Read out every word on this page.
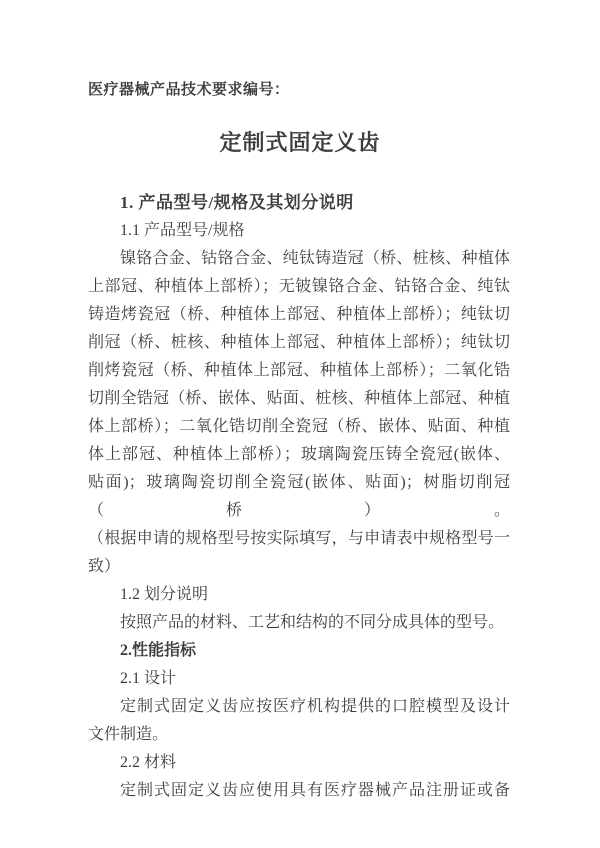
医疗器械产品技术要求编号：
定制式固定义齿
1. 产品型号/规格及其划分说明
1.1 产品型号/规格
镍铬合金、钴铬合金、纯钛铸造冠（桥、桩核、种植体
上部冠、种植体上部桥）；无铍镍铬合金、钴铬合金、纯钛
铸造烤瓷冠（桥、种植体上部冠、种植体上部桥）；纯钛切
削冠（桥、桩核、种植体上部冠、种植体上部桥）；纯钛切
削烤瓷冠（桥、种植体上部冠、种植体上部桥）；二氧化锆
切削全锆冠（桥、嵌体、贴面、桩核、种植体上部冠、种植
体上部桥）；二氧化锆切削全瓷冠（桥、嵌体、贴面、种植
体上部冠、种植体上部桥）；玻璃陶瓷压铸全瓷冠(嵌体、
贴面)；玻璃陶瓷切削全瓷冠(嵌体、贴面)；树脂切削冠（桥）。
（根据申请的规格型号按实际填写，与申请表中规格型号一
致）
1.2 划分说明
按照产品的材料、工艺和结构的不同分成具体的型号。
2.性能指标
2.1 设计
定制式固定义齿应按医疗机构提供的口腔模型及设计
文件制造。
2.2 材料
定制式固定义齿应使用具有医疗器械产品注册证或备
